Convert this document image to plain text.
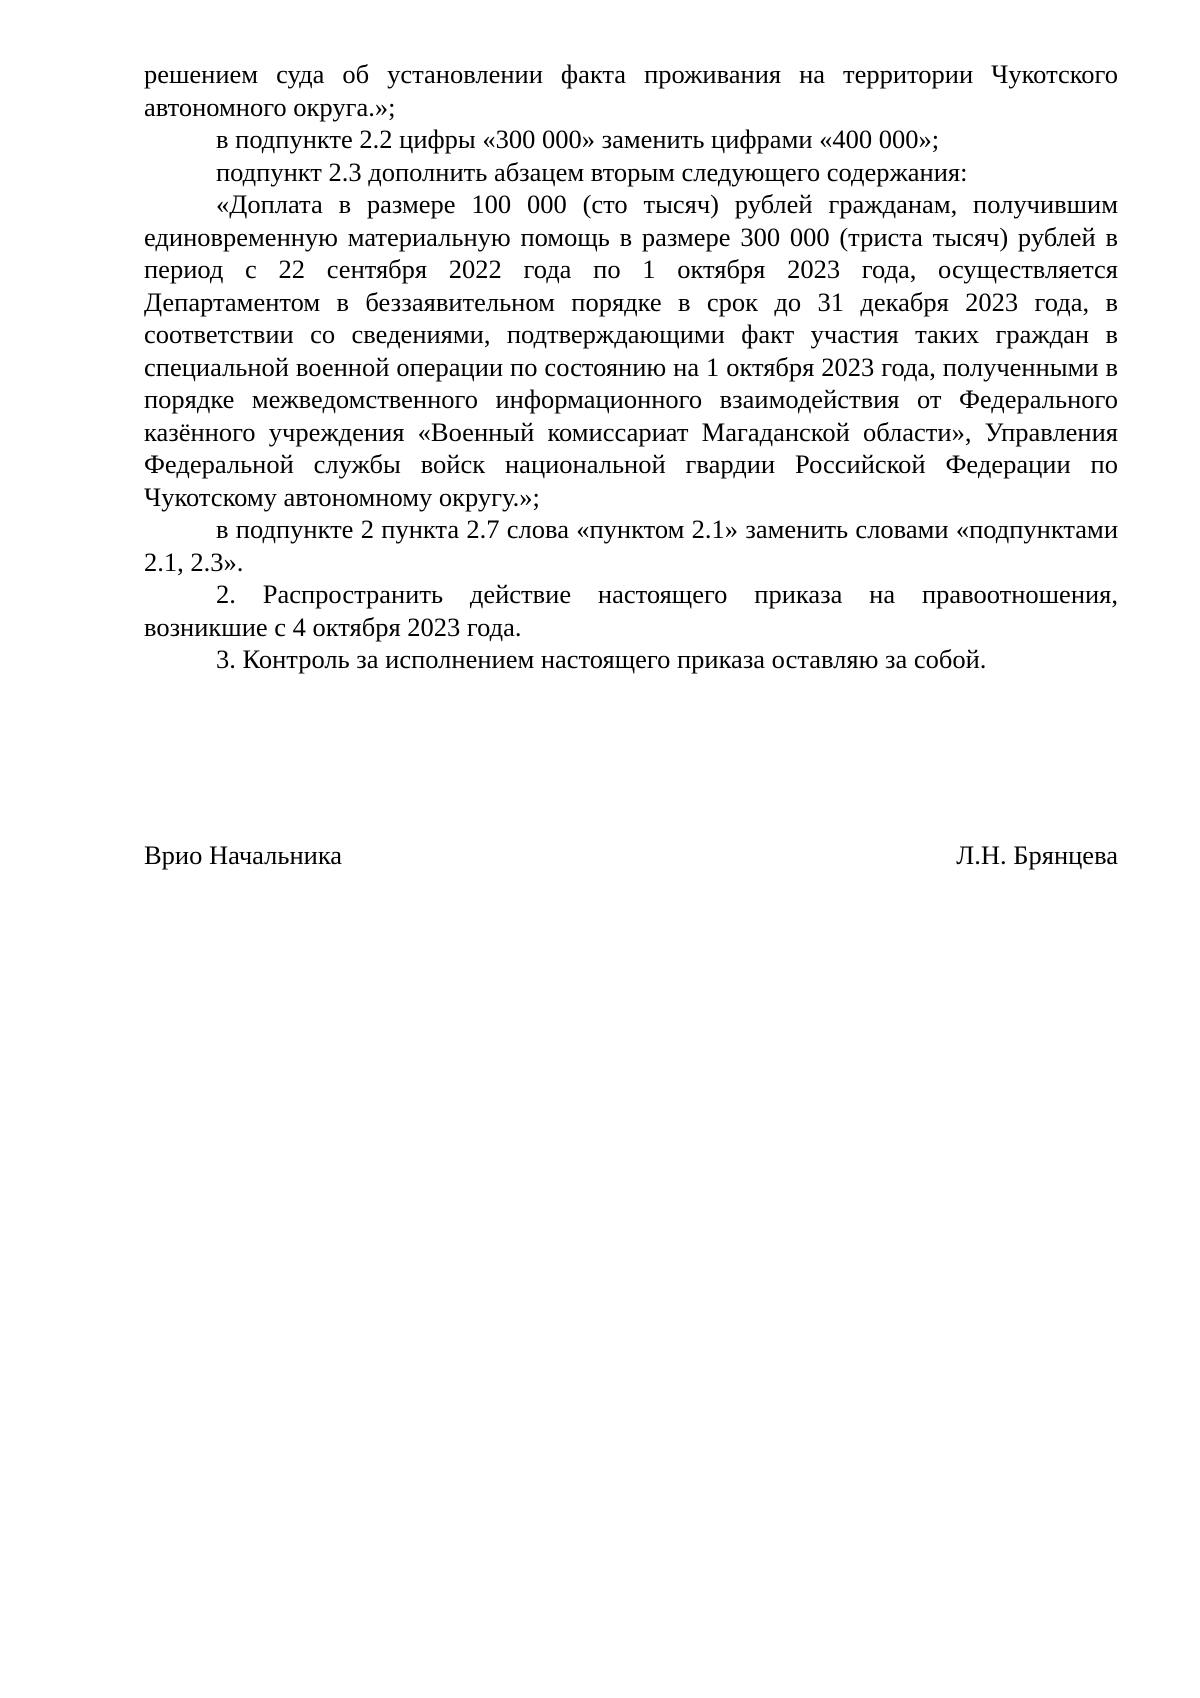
решением суда об установлении факта проживания на территории Чукотского автономного округа.»;

в подпункте 2.2 цифры «300 000» заменить цифрами «400 000»;

подпункт 2.3 дополнить абзацем вторым следующего содержания:

«Доплата в размере 100 000 (сто тысяч) рублей гражданам, получившим единовременную материальную помощь в размере 300 000 (триста тысяч) рублей в период с 22 сентября 2022 года по 1 октября 2023 года, осуществляется Департаментом в беззаявительном порядке в срок до 31 декабря 2023 года, в соответствии со сведениями, подтверждающими факт участия таких граждан в специальной военной операции по состоянию на 1 октября 2023 года, полученными в порядке межведомственного информационного взаимодействия от Федерального казённого учреждения «Военный комиссариат Магаданской области», Управления Федеральной службы войск национальной гвардии Российской Федерации по Чукотскому автономному округу.»;

в подпункте 2 пункта 2.7 слова «пунктом 2.1» заменить словами «подпунктами 2.1, 2.3».

2. Распространить действие настоящего приказа на правоотношения, возникшие с 4 октября 2023 года.

3. Контроль за исполнением настоящего приказа оставляю за собой.

Врио Начальника	Л.Н. Брянцева
